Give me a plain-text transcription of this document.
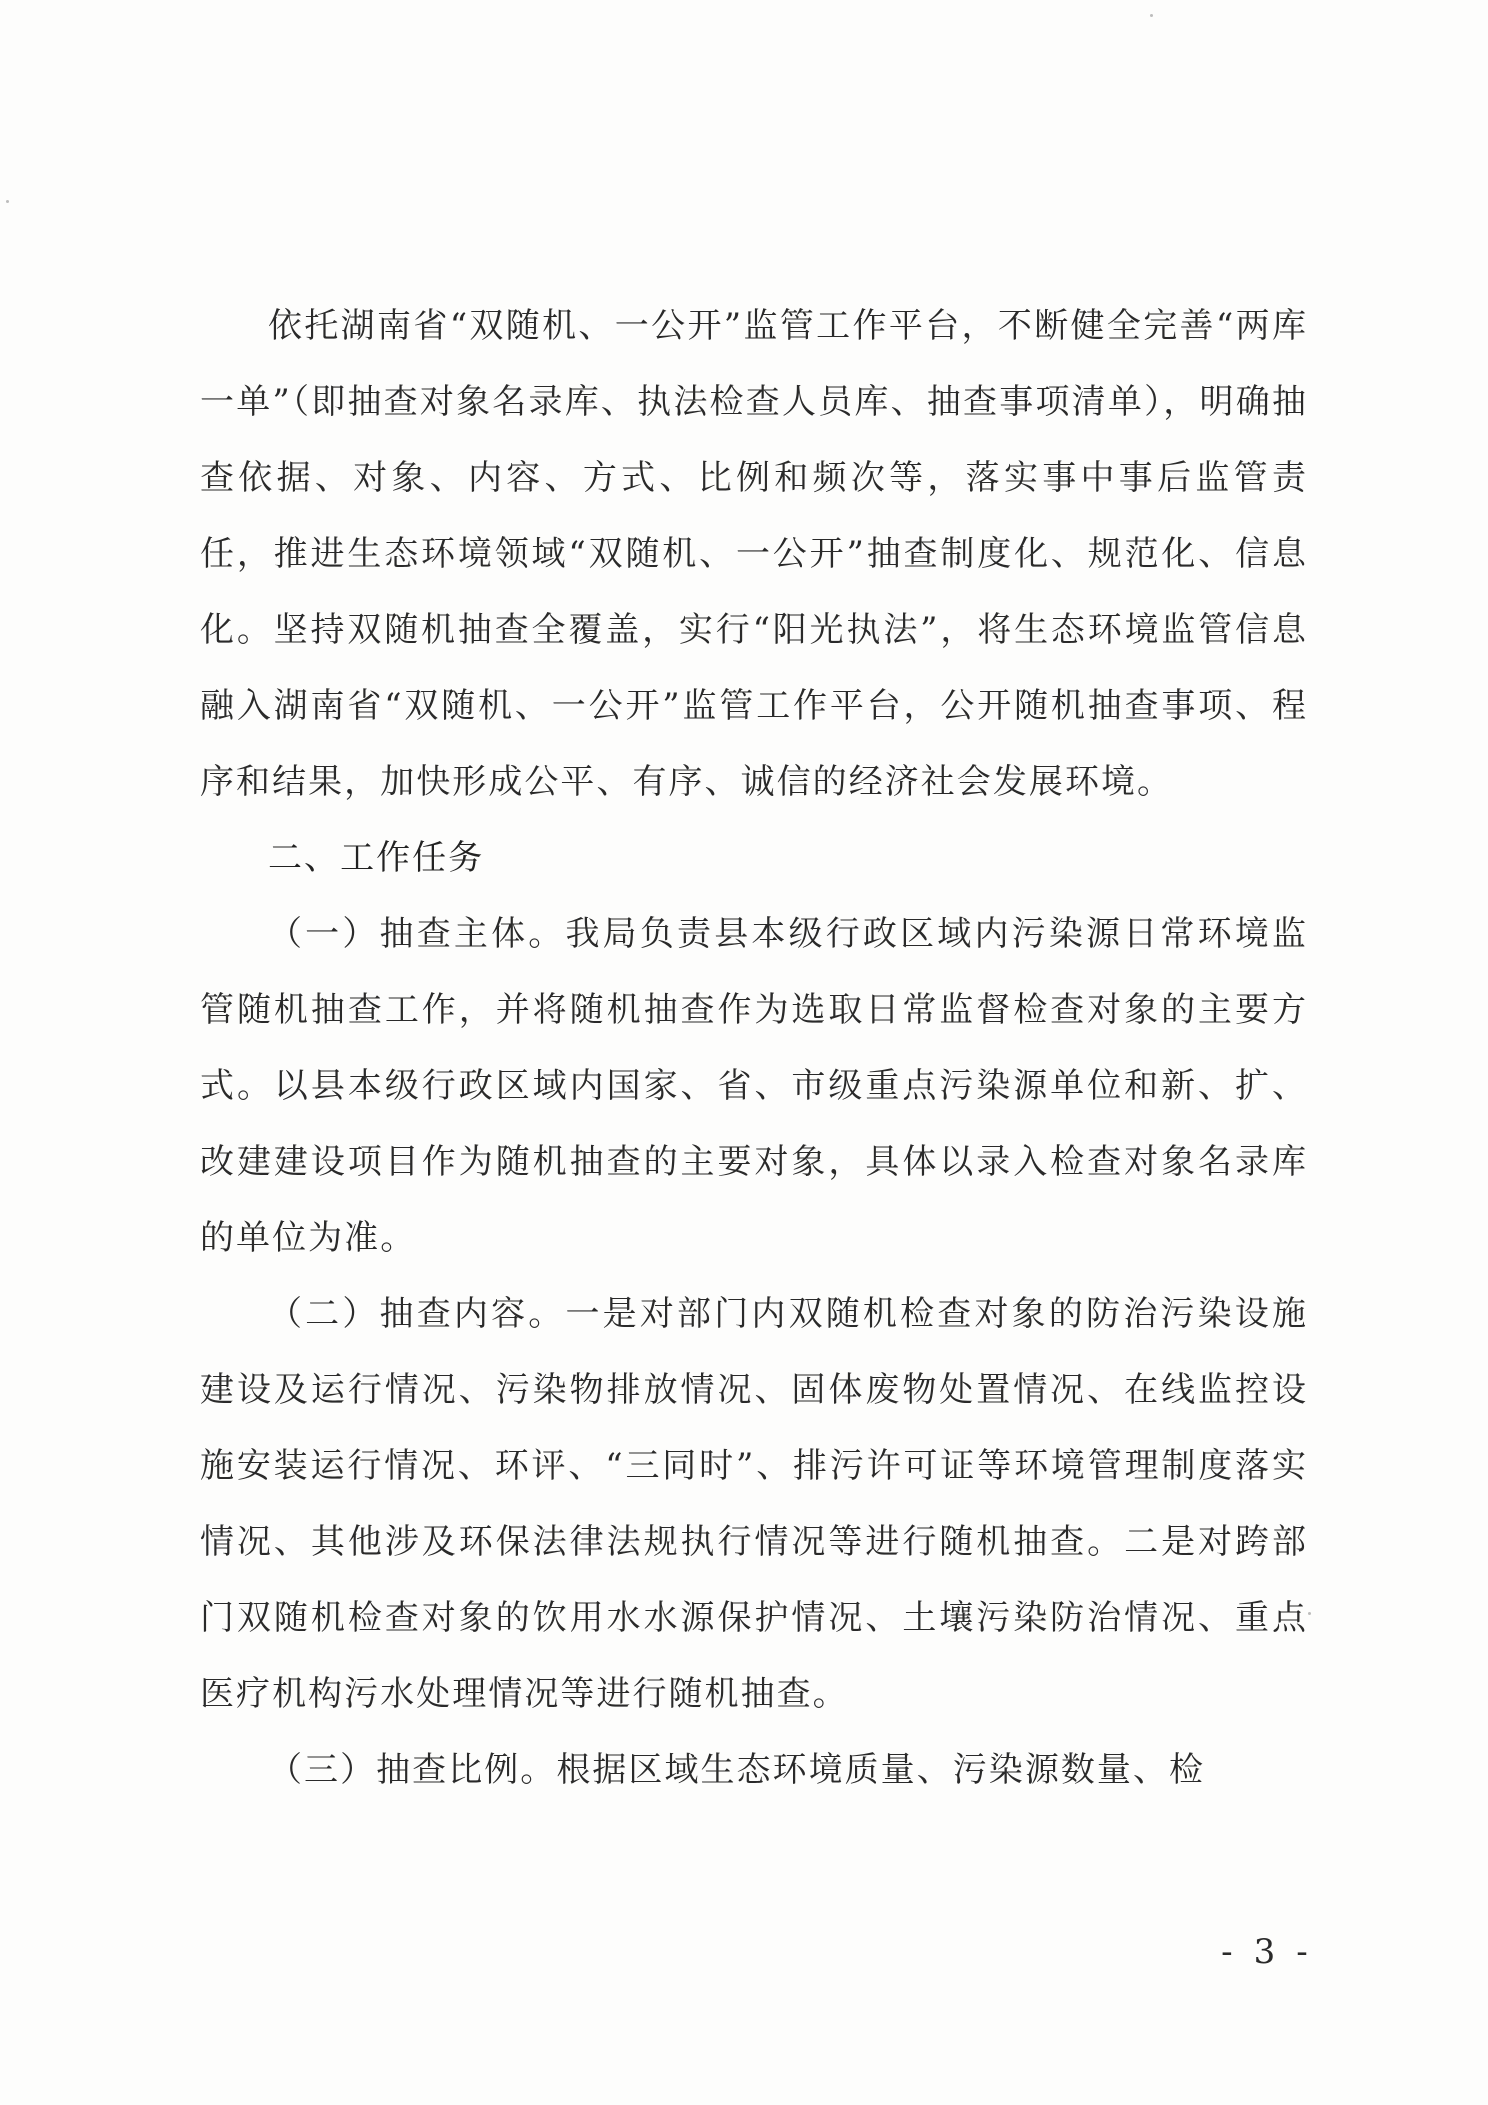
依托湖南省“双随机、一公开”监管工作平台，不断健全完善“两库一单”（即抽查对象名录库、执法检查人员库、抽查事项清单），明确抽查依据、对象、内容、方式、比例和频次等，落实事中事后监管责任，推进生态环境领域“双随机、一公开”抽查制度化、规范化、信息化。坚持双随机抽查全覆盖，实行“阳光执法”，将生态环境监管信息融入湖南省“双随机、一公开”监管工作平台，公开随机抽查事项、程序和结果，加快形成公平、有序、诚信的经济社会发展环境。

二、工作任务

（一）抽查主体。我局负责县本级行政区域内污染源日常环境监管随机抽查工作，并将随机抽查作为选取日常监督检查对象的主要方式。以县本级行政区域内国家、省、市级重点污染源单位和新、扩、改建建设项目作为随机抽查的主要对象，具体以录入检查对象名录库的单位为准。

（二）抽查内容。一是对部门内双随机检查对象的防治污染设施建设及运行情况、污染物排放情况、固体废物处置情况、在线监控设施安装运行情况、环评、“三同时”、排污许可证等环境管理制度落实情况、其他涉及环保法律法规执行情况等进行随机抽查。二是对跨部门双随机检查对象的饮用水水源保护情况、土壤污染防治情况、重点医疗机构污水处理情况等进行随机抽查。

（三）抽查比例。根据区域生态环境质量、污染源数量、检

- 3 -
